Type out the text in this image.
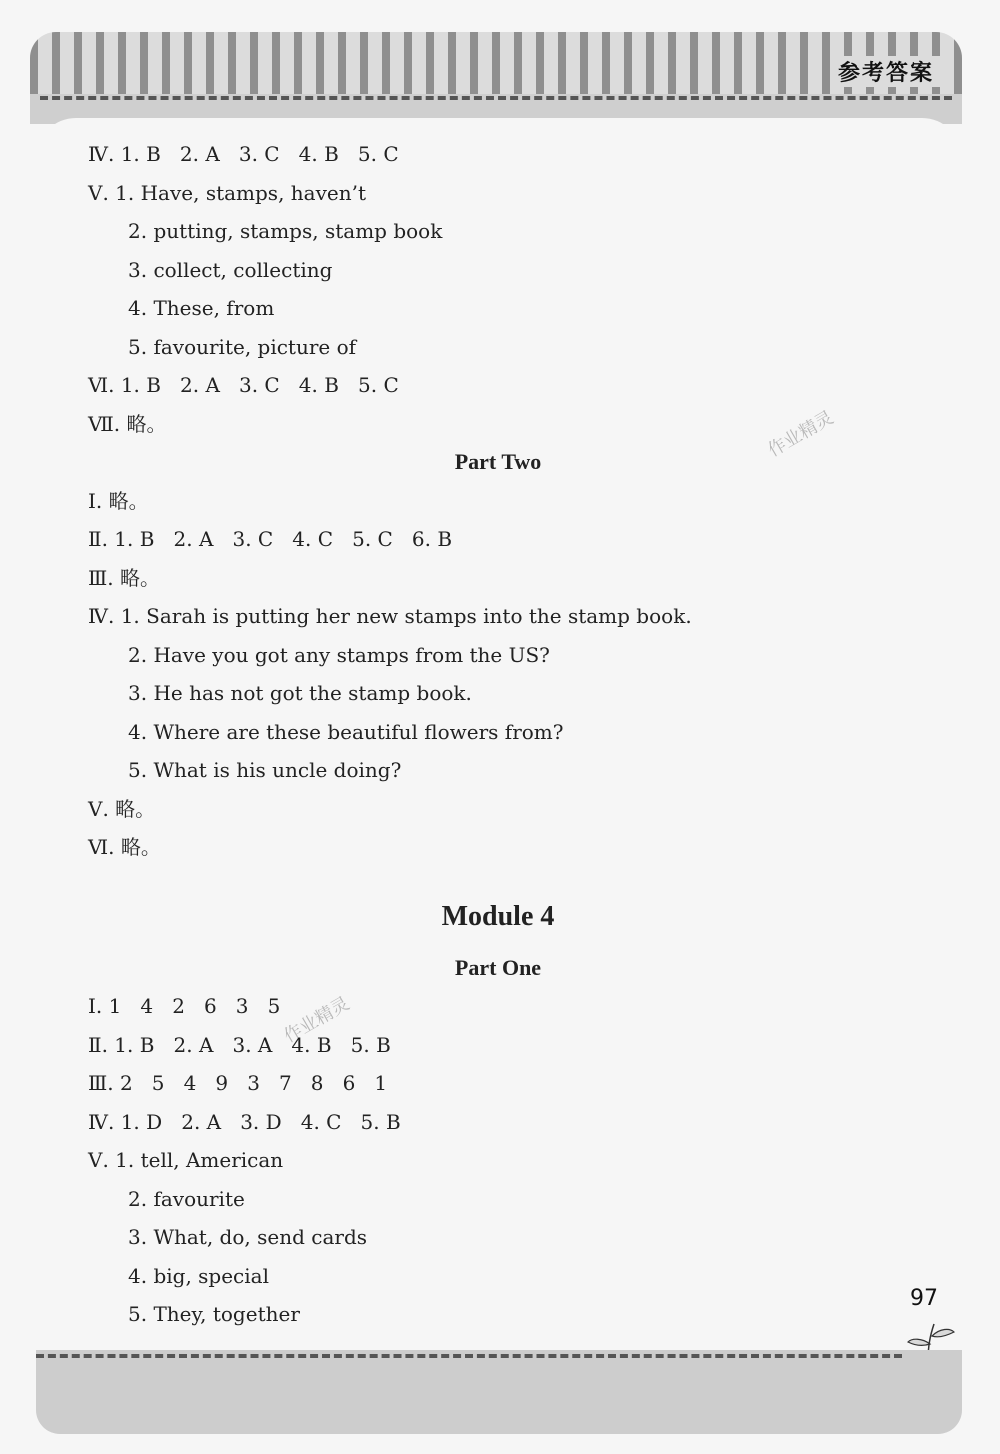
参考答案
Ⅳ. 1. B   2. A   3. C   4. B   5. C
Ⅴ. 1. Have, stamps, haven’t
2. putting, stamps, stamp book
3. collect, collecting
4. These, from
5. favourite, picture of
Ⅵ. 1. B   2. A   3. C   4. B   5. C
Ⅶ. 略。
Part Two
Ⅰ. 略。
Ⅱ. 1. B   2. A   3. C   4. C   5. C   6. B
Ⅲ. 略。
Ⅳ. 1. Sarah is putting her new stamps into the stamp book.
2. Have you got any stamps from the US?
3. He has not got the stamp book.
4. Where are these beautiful flowers from?
5. What is his uncle doing?
Ⅴ. 略。
Ⅵ. 略。
Module 4
Part One
Ⅰ. 1   4   2   6   3   5
Ⅱ. 1. B   2. A   3. A   4. B   5. B
Ⅲ. 2   5   4   9   3   7   8   6   1
Ⅳ. 1. D   2. A   3. D   4. C   5. B
Ⅴ. 1. tell, American
2. favourite
3. What, do, send cards
4. big, special
5. They, together
作业精灵
作业精灵
97
